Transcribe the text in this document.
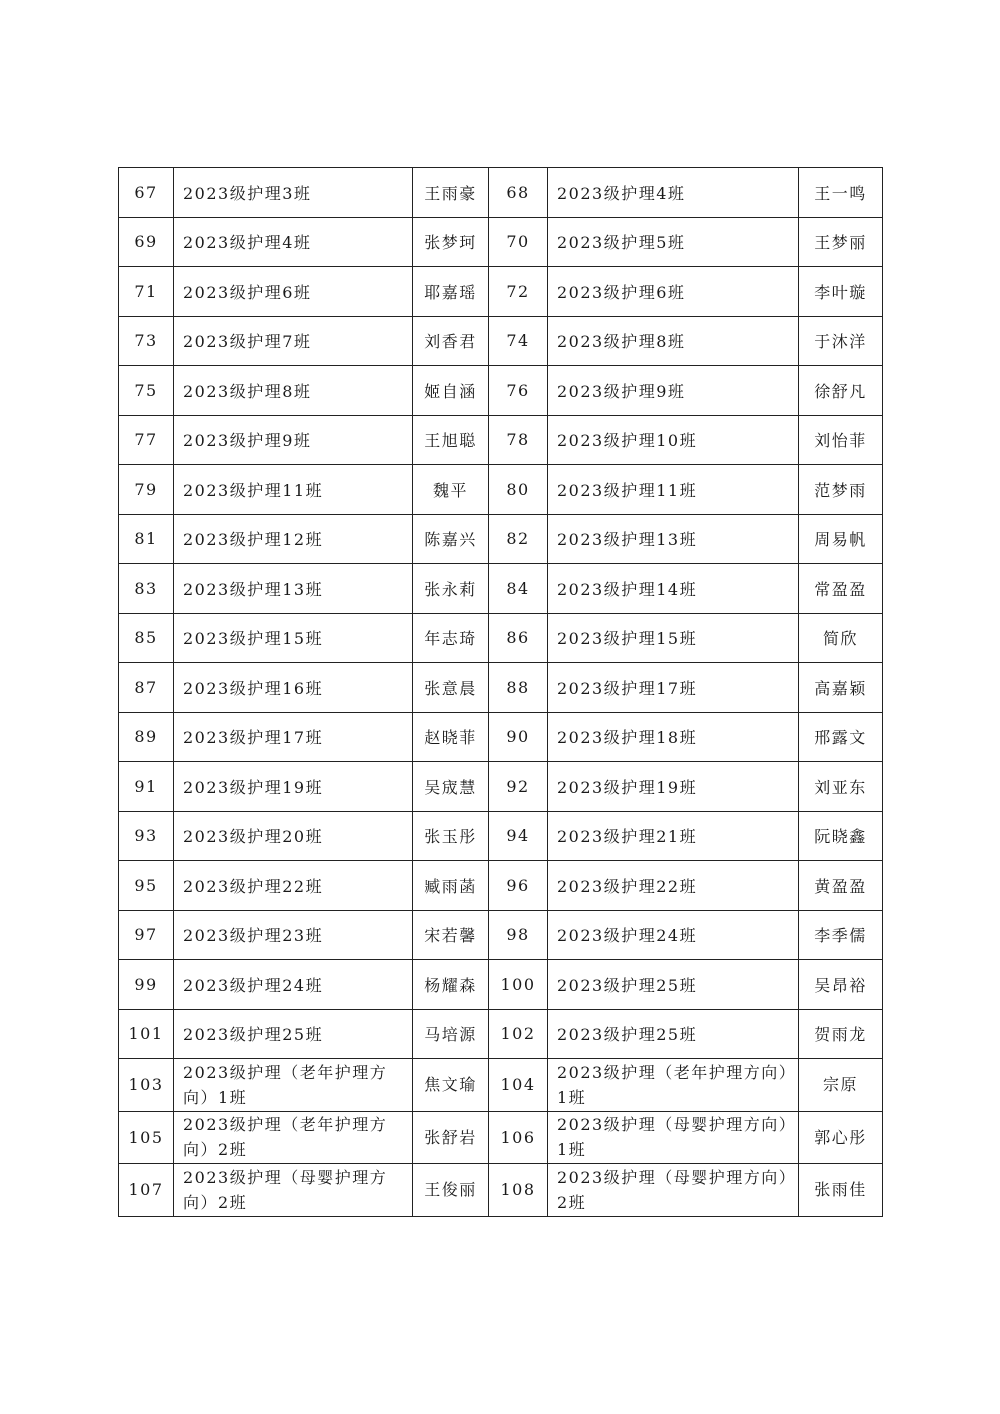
67	2023级护理3班	王雨豪	68	2023级护理4班	王一鸣
69	2023级护理4班	张梦珂	70	2023级护理5班	王梦丽
71	2023级护理6班	耶嘉瑶	72	2023级护理6班	李叶璇
73	2023级护理7班	刘香君	74	2023级护理8班	于沐洋
75	2023级护理8班	姬自涵	76	2023级护理9班	徐舒凡
77	2023级护理9班	王旭聪	78	2023级护理10班	刘怡菲
79	2023级护理11班	魏平	80	2023级护理11班	范梦雨
81	2023级护理12班	陈嘉兴	82	2023级护理13班	周易帆
83	2023级护理13班	张永莉	84	2023级护理14班	常盈盈
85	2023级护理15班	年志琦	86	2023级护理15班	简欣
87	2023级护理16班	张意晨	88	2023级护理17班	高嘉颖
89	2023级护理17班	赵晓菲	90	2023级护理18班	邢露文
91	2023级护理19班	吴宬慧	92	2023级护理19班	刘亚东
93	2023级护理20班	张玉彤	94	2023级护理21班	阮晓鑫
95	2023级护理22班	臧雨菡	96	2023级护理22班	黄盈盈
97	2023级护理23班	宋若馨	98	2023级护理24班	李季儒
99	2023级护理24班	杨耀森	100	2023级护理25班	吴昂裕
101	2023级护理25班	马培源	102	2023级护理25班	贺雨龙
103	2023级护理（老年护理方向）1班	焦文瑜	104	2023级护理（老年护理方向）1班	宗原
105	2023级护理（老年护理方向）2班	张舒岩	106	2023级护理（母婴护理方向）1班	郭心彤
107	2023级护理（母婴护理方向）2班	王俊丽	108	2023级护理（母婴护理方向）2班	张雨佳
